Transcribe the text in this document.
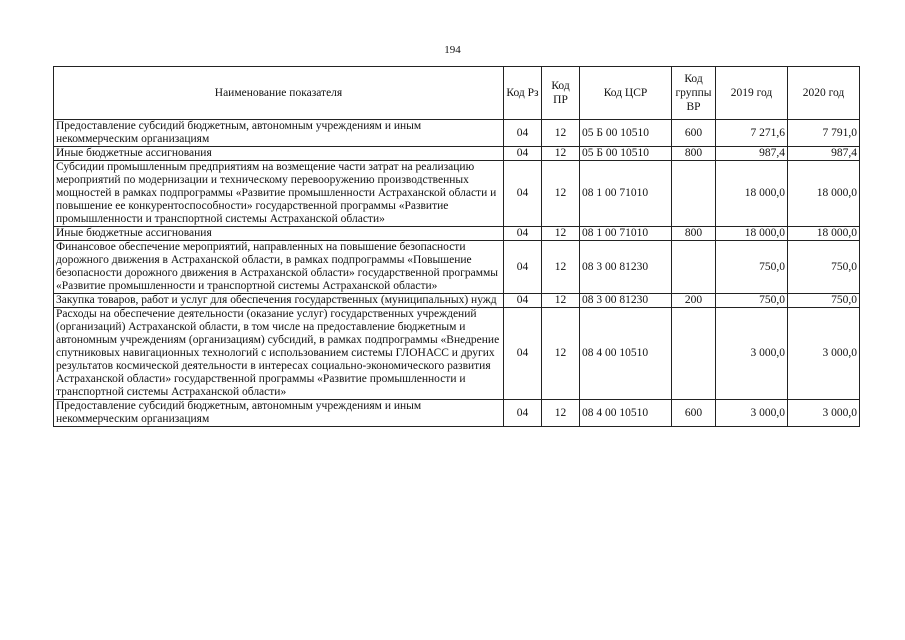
194
Наименование показателя	Код Рз	Код ПР	Код ЦСР	Код группы ВР	2019 год	2020 год
Предоставление субсидий бюджетным, автономным учреждениям и иным некоммерческим организациям	04	12	05 Б 00 10510	600	7 271,6	7 791,0
Иные бюджетные ассигнования	04	12	05 Б 00 10510	800	987,4	987,4
Субсидии промышленным предприятиям на возмещение части затрат на реализацию мероприятий по модернизации и техническому перевооружению производственных мощностей в рамках подпрограммы «Развитие промышленности Астраханской области и повышение ее конкурентоспособности» государственной программы «Развитие промышленности и транспортной системы Астраханской области»	04	12	08 1 00 71010		18 000,0	18 000,0
Иные бюджетные ассигнования	04	12	08 1 00 71010	800	18 000,0	18 000,0
Финансовое обеспечение мероприятий, направленных на повышение безопасности дорожного движения в Астраханской области, в рамках подпрограммы «Повышение безопасности дорожного движения в Астраханской области» государственной программы «Развитие промышленности и транспортной системы Астраханской области»	04	12	08 3 00 81230		750,0	750,0
Закупка товаров, работ и услуг для обеспечения государственных (муниципальных) нужд	04	12	08 3 00 81230	200	750,0	750,0
Расходы на обеспечение деятельности (оказание услуг) государственных учреждений (организаций) Астраханской области, в том числе на предоставление бюджетным и автономным учреждениям (организациям) субсидий, в рамках подпрограммы «Внедрение спутниковых навигационных технологий с использованием системы ГЛОНАСС и других результатов космической деятельности в интересах социально-экономического развития Астраханской области» государственной программы «Развитие промышленности и транспортной системы Астраханской области»	04	12	08 4 00 10510		3 000,0	3 000,0
Предоставление субсидий бюджетным, автономным учреждениям и иным некоммерческим организациям	04	12	08 4 00 10510	600	3 000,0	3 000,0
